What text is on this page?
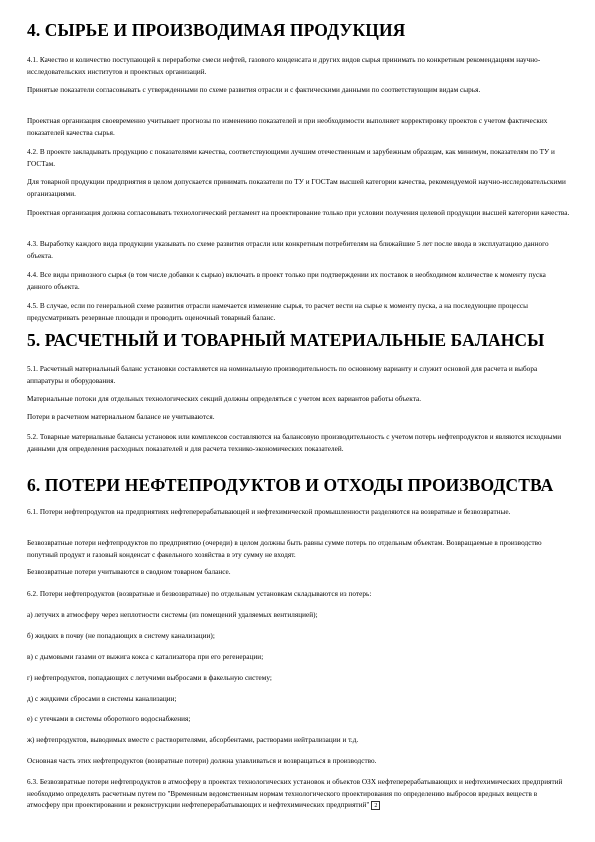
4. СЫРЬЕ И ПРОИЗВОДИМАЯ ПРОДУКЦИЯ

4.1. Качество и количество поступающей к переработке смеси нефтей, газового конденсата и других видов сырья принимать по конкретным рекомендациям научно-исследовательских институтов и проектных организаций.

Принятые показатели согласовывать с утвержденными по схеме развития отрасли и с фактическими данными по соответствующим видам сырья.

Проектная организация своевременно учитывает прогнозы по изменению показателей и при необходимости выполняет корректировку проектов с учетом фактических показателей качества сырья.

4.2. В проекте закладывать продукцию с показателями качества, соответствующими лучшим отечественным и зарубежным образцам, как минимум, показателям по ТУ и ГОСТам.

Для товарной продукции предприятия в целом допускается принимать показатели по ТУ и ГОСТам высшей категории качества, рекомендуемой научно-исследовательскими организациями.

Проектная организация должна согласовывать технологический регламент на проектирование только при условии получения целевой продукции высшей категории качества.

4.3. Выработку каждого вида продукции указывать по схеме развития отрасли или конкретным потребителям на ближайшие 5 лет после ввода в эксплуатацию данного объекта.

4.4. Все виды привозного сырья (в том числе добавки к сырью) включать в проект только при подтверждении их поставок в необходимом количестве к моменту пуска данного объекта.

4.5. В случае, если по генеральной схеме развития отрасли намечается изменение сырья, то расчет вести на сырье к моменту пуска, а на последующие процессы предусматривать резервные площади и проводить оценочный товарный баланс.

5. РАСЧЕТНЫЙ И ТОВАРНЫЙ МАТЕРИАЛЬНЫЕ БАЛАНСЫ

5.1. Расчетный материальный баланс установки составляется на номинальную производительность по основному варианту и служит основой для расчета и выбора аппаратуры и оборудования.

Материальные потоки для отдельных технологических секций должны определяться с учетом всех вариантов работы объекта.

Потери в расчетном материальном балансе не учитываются.

5.2. Товарные материальные балансы установок или комплексов составляются на балансовую производительность с учетом потерь нефтепродуктов и являются исходными данными для определения расходных показателей и для расчета технико-экономических показателей.

6. ПОТЕРИ НЕФТЕПРОДУКТОВ И ОТХОДЫ ПРОИЗВОДСТВА

6.1. Потери нефтепродуктов на предприятиях нефтеперерабатывающей и нефтехимической промышленности разделяются на возвратные и безвозвратные.

Безвозвратные потери нефтепродуктов по предприятию (очереди) в целом должны быть равны сумме потерь по отдельным объектам. Возвращаемые в производство попутный продукт и газовый конденсат с факельного хозяйства в эту сумму не входят.

Безвозвратные потери учитываются в сводном товарном балансе.

6.2. Потери нефтепродуктов (возвратные и безвозвратные) по отдельным установкам складываются из потерь:

а) летучих в атмосферу через неплотности системы (из помещений удаляемых вентиляцией);

б) жидких в почву (не попадающих в систему канализации);

в) с дымовыми газами от выжига кокса с катализатора при его регенерации;

г) нефтепродуктов, попадающих с летучими выбросами в факельную систему;

д) с жидкими сбросами в системы канализации;

е) с утечками в системы оборотного водоснабжения;

ж) нефтепродуктов, выводимых вместе с растворителями, абсорбентами, растворами нейтрализации и т.д.

Основная часть этих нефтепродуктов (возвратные потери) должна улавливаться и возвращаться в производство.

6.3. Безвозвратные потери нефтепродуктов в атмосферу в проектах технологических установок и объектов ОЗХ нефтеперерабатывающих и нефтехимических предприятий необходимо определять расчетным путем по "Временным ведомственным нормам технологического проектирования по определению выбросов вредных веществ в атмосферу при проектировании и реконструкции нефтеперерабатывающих и нефтехимических предприятий" 2
